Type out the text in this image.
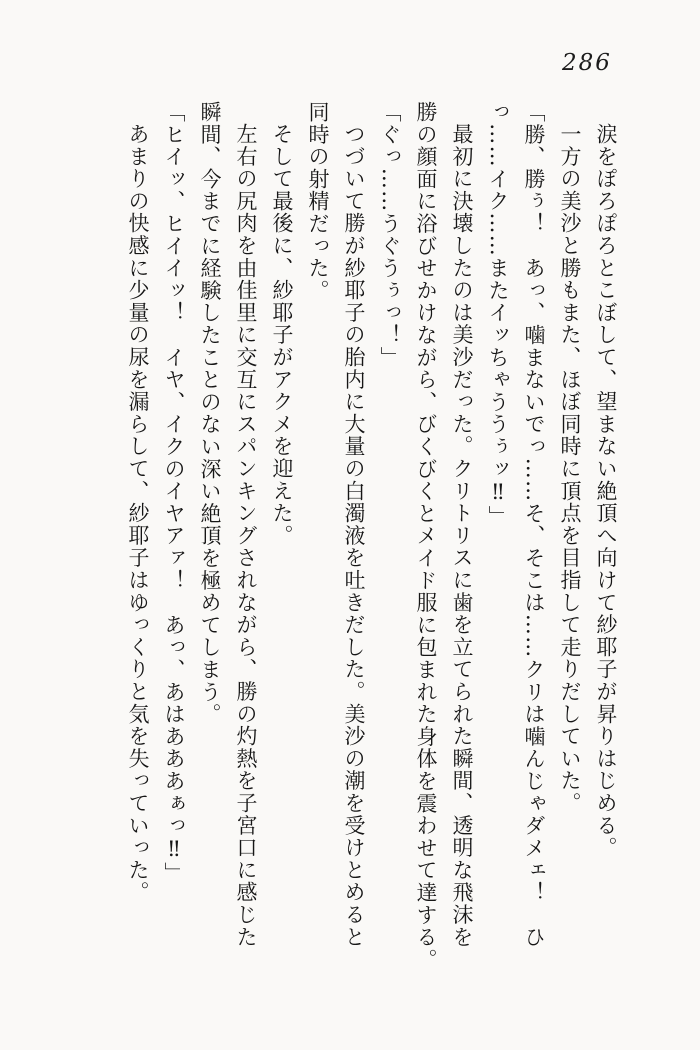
286
涙をぽろぽろとこぼして、望まない絶頂へ向けて紗耶子が昇りはじめる。
一方の美沙と勝もまた、ほぼ同時に頂点を目指して走りだしていた。
「勝、勝ぅ！　あっ、噛まないでっ……そ、そこは……クリは噛んじゃダメェ！　ひ
っ……イク……またイッちゃううぅッ‼」
最初に決壊したのは美沙だった。クリトリスに歯を立てられた瞬間、透明な飛沫を
勝の顔面に浴びせかけながら、びくびくとメイド服に包まれた身体を震わせて達する。
「ぐっ……うぐうぅっ！」
つづいて勝が紗耶子の胎内に大量の白濁液を吐きだした。美沙の潮を受けとめると
同時の射精だった。
そして最後に、紗耶子がアクメを迎えた。
左右の尻肉を由佳里に交互にスパンキングされながら、勝の灼熱を子宮口に感じた
瞬間、今までに経験したことのない深い絶頂を極めてしまう。
「ヒイッ、ヒイイッ！　イヤ、イクのイヤアァ！　あっ、あはあああぁっ‼」
あまりの快感に少量の尿を漏らして、紗耶子はゆっくりと気を失っていった。
